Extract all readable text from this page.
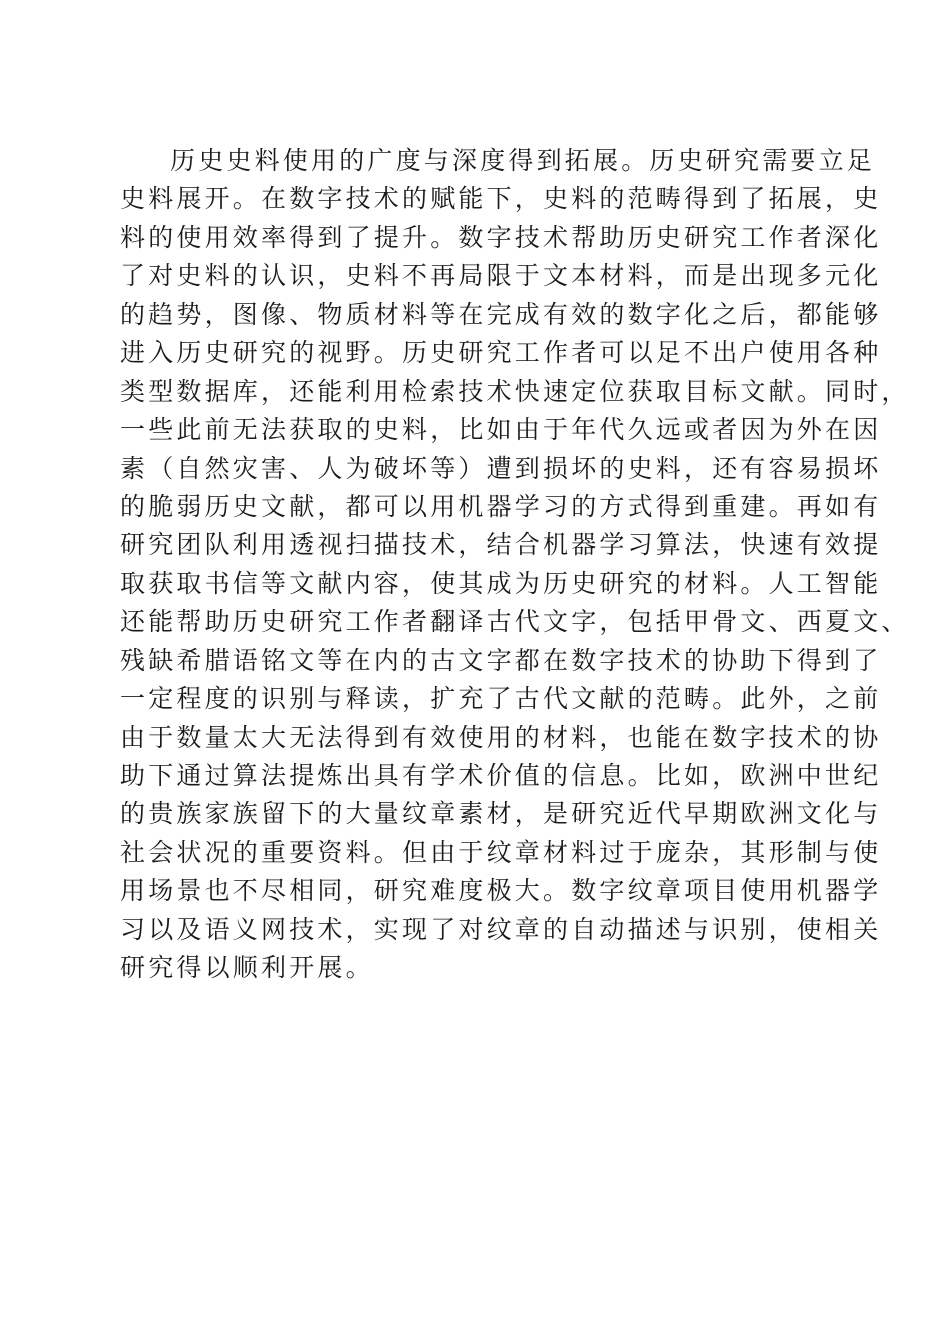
历史史料使用的广度与深度得到拓展。历史研究需要立足
史料展开。在数字技术的赋能下，史料的范畴得到了拓展，史
料的使用效率得到了提升。数字技术帮助历史研究工作者深化
了对史料的认识，史料不再局限于文本材料，而是出现多元化
的趋势，图像、物质材料等在完成有效的数字化之后，都能够
进入历史研究的视野。历史研究工作者可以足不出户使用各种
类型数据库，还能利用检索技术快速定位获取目标文献。同时，
一些此前无法获取的史料，比如由于年代久远或者因为外在因
素（自然灾害、人为破坏等）遭到损坏的史料，还有容易损坏
的脆弱历史文献，都可以用机器学习的方式得到重建。再如有
研究团队利用透视扫描技术，结合机器学习算法，快速有效提
取获取书信等文献内容，使其成为历史研究的材料。人工智能
还能帮助历史研究工作者翻译古代文字，包括甲骨文、西夏文、
残缺希腊语铭文等在内的古文字都在数字技术的协助下得到了
一定程度的识别与释读，扩充了古代文献的范畴。此外，之前
由于数量太大无法得到有效使用的材料，也能在数字技术的协
助下通过算法提炼出具有学术价值的信息。比如，欧洲中世纪
的贵族家族留下的大量纹章素材，是研究近代早期欧洲文化与
社会状况的重要资料。但由于纹章材料过于庞杂，其形制与使
用场景也不尽相同，研究难度极大。数字纹章项目使用机器学
习以及语义网技术，实现了对纹章的自动描述与识别，使相关
研究得以顺利开展。
